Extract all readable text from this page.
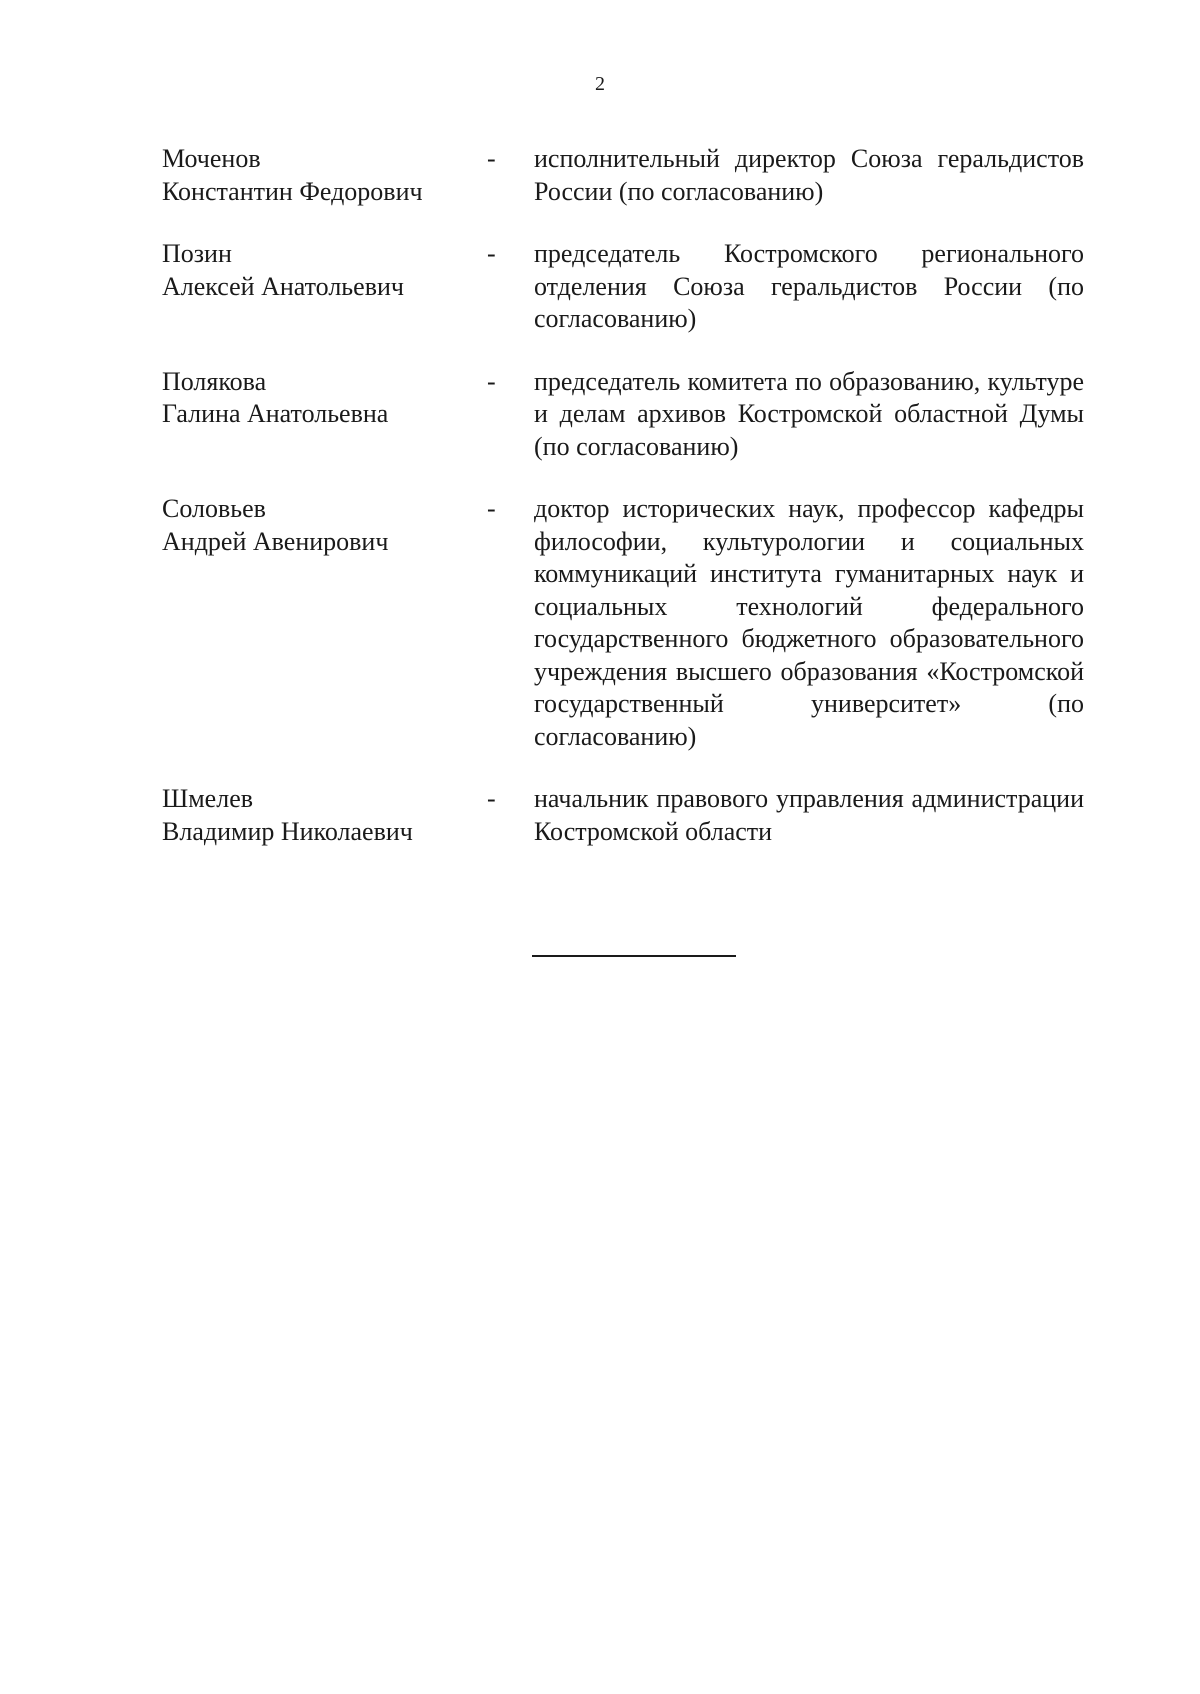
2
Моченов
Константин Федорович
-	исполнительный директор Союза геральдистов России (по согласованию)
Позин
Алексей Анатольевич
-	председатель Костромского регионального отделения Союза геральдистов России (по согласованию)
Полякова
Галина Анатольевна
-	председатель комитета по образованию, культуре и делам архивов Костромской областной Думы (по согласованию)
Соловьев
Андрей Авенирович
-	доктор исторических наук, профессор кафедры философии, культурологии и социальных коммуникаций института гуманитарных наук и социальных технологий федерального государственного бюджетного образовательного учреждения высшего образования «Костромской государственный университет» (по согласованию)
Шмелев
Владимир Николаевич
-	начальник правового управления администрации Костромской области
